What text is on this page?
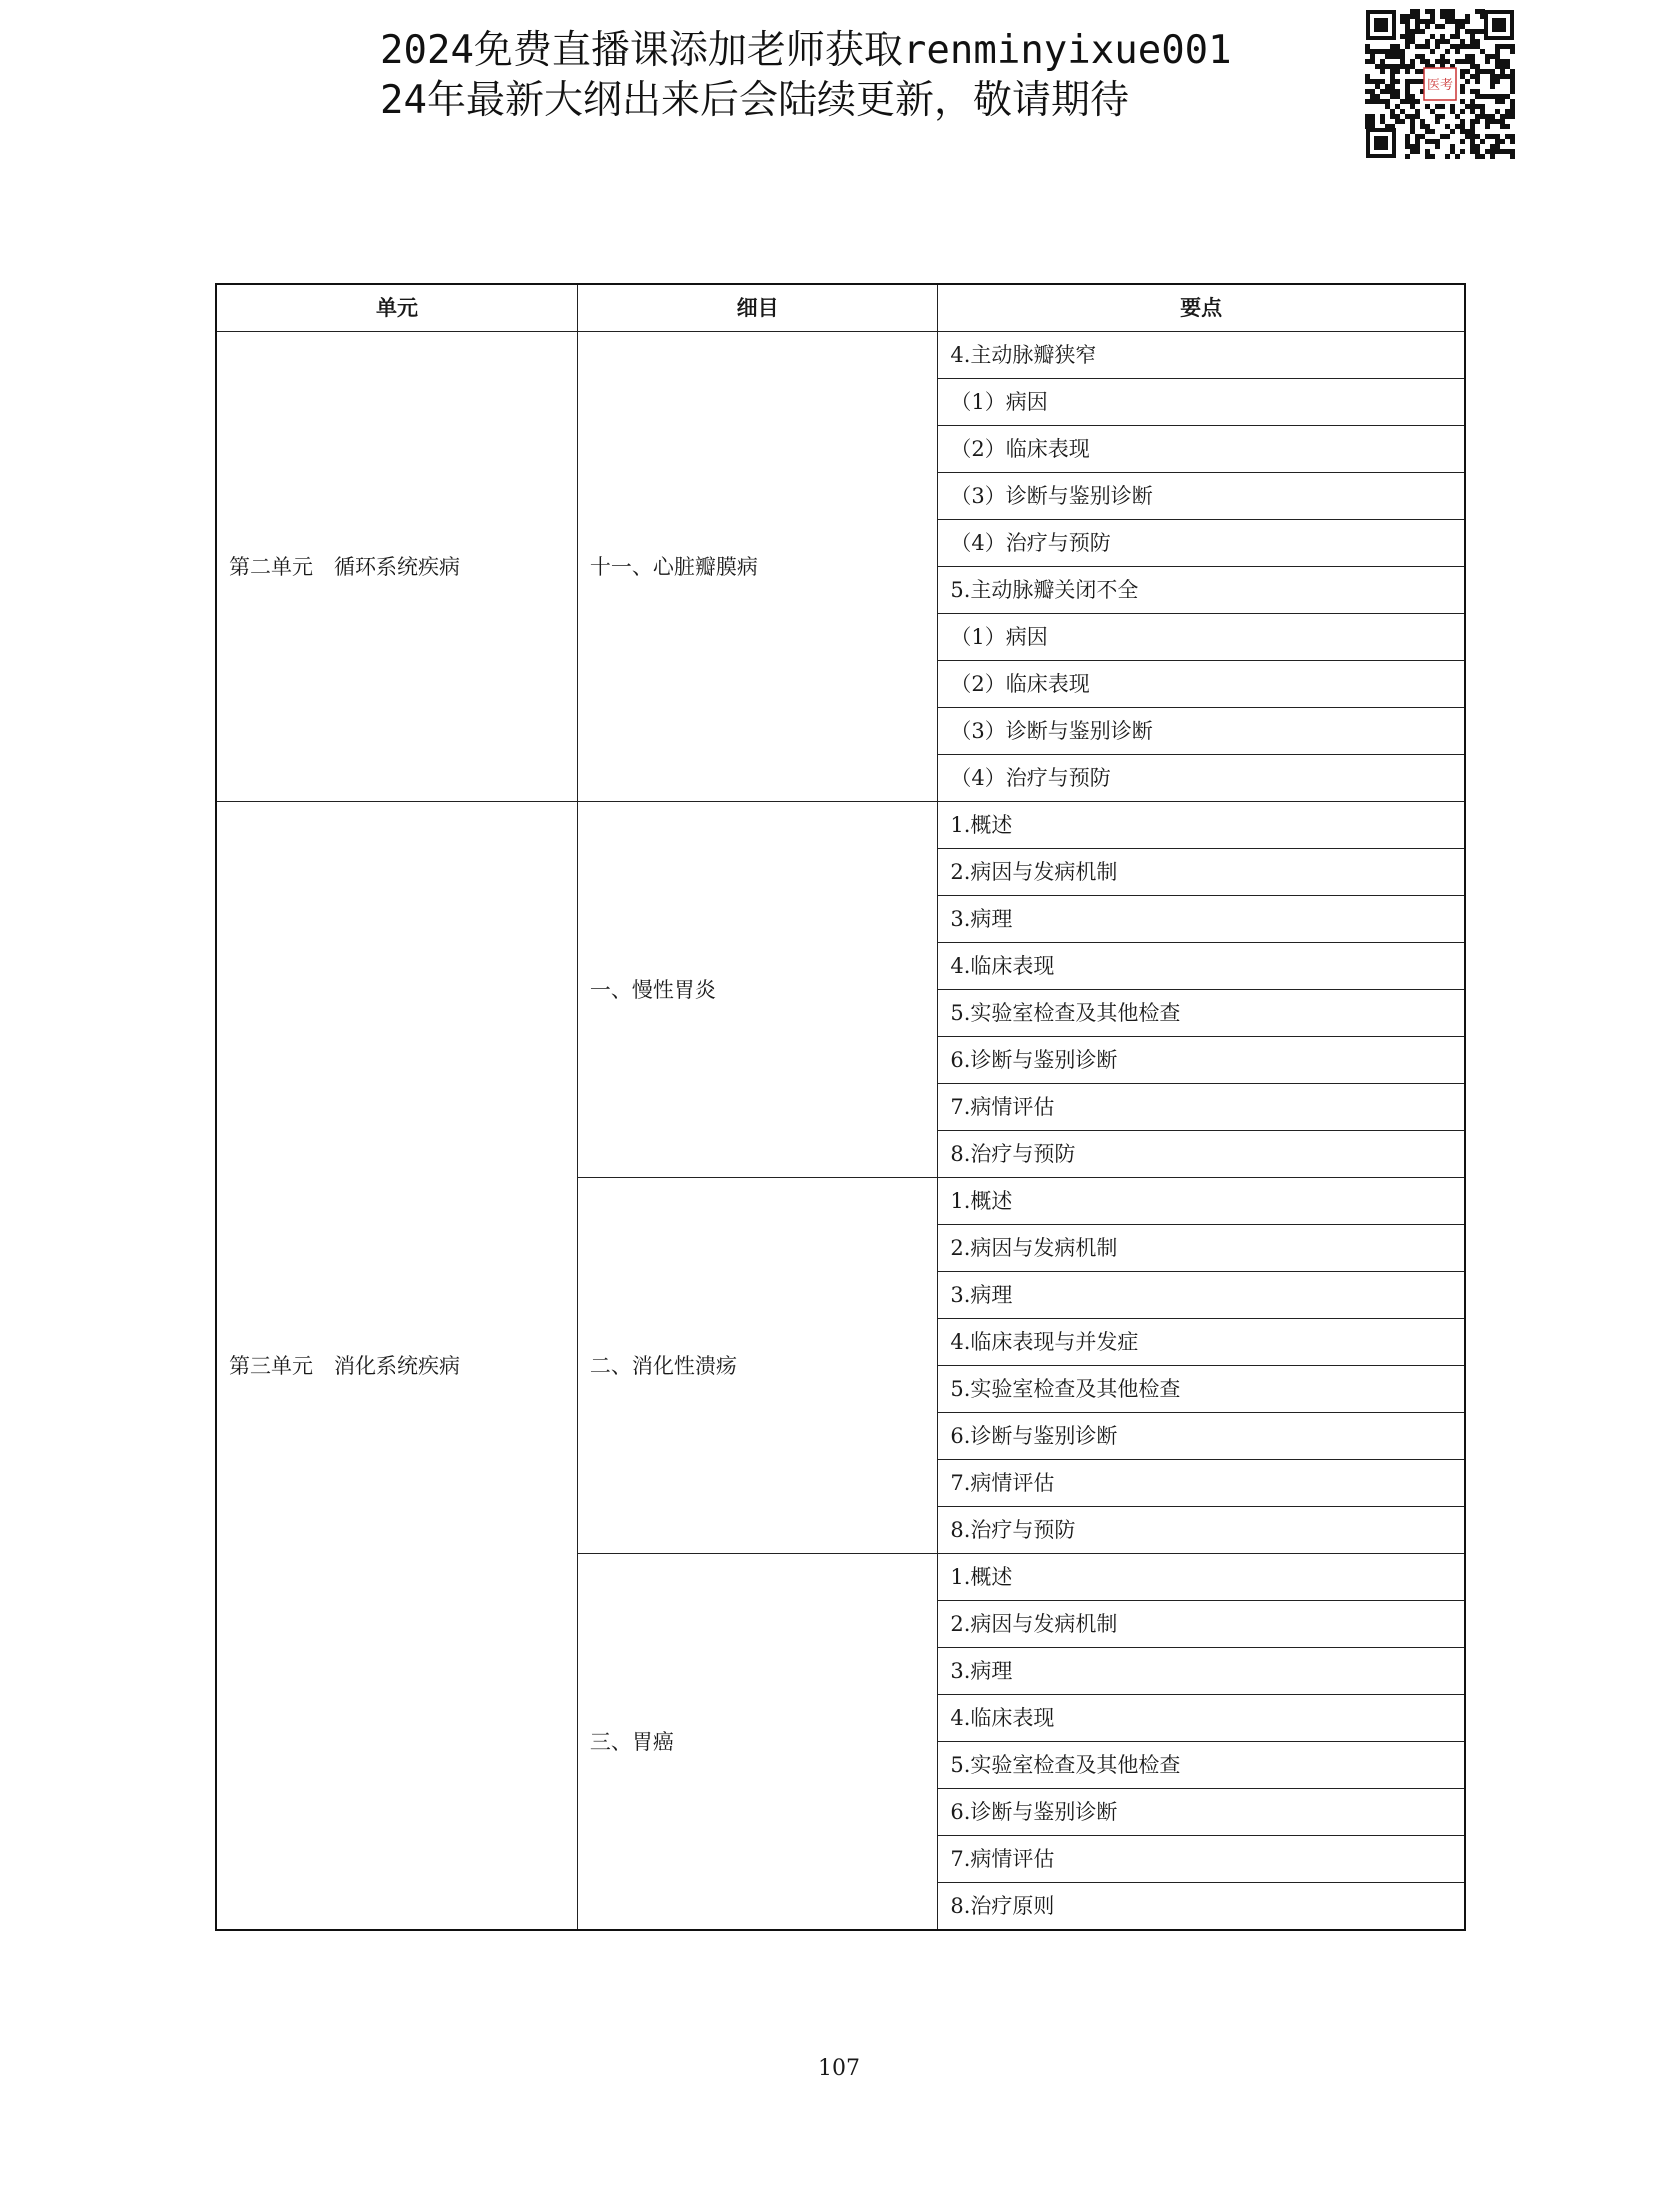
2024免费直播课添加老师获取renminyixue001
24年最新大纲出来后会陆续更新，敬请期待	医考
单元	细目	要点
第二单元　循环系统疾病	十一、心脏瓣膜病	4.主动脉瓣狭窄
		（1）病因
		（2）临床表现
		（3）诊断与鉴别诊断
		（4）治疗与预防
		5.主动脉瓣关闭不全
		（1）病因
		（2）临床表现
		（3）诊断与鉴别诊断
		（4）治疗与预防
第三单元　消化系统疾病	一、慢性胃炎	1.概述
		2.病因与发病机制
		3.病理
		4.临床表现
		5.实验室检查及其他检查
		6.诊断与鉴别诊断
		7.病情评估
		8.治疗与预防
	二、消化性溃疡	1.概述
		2.病因与发病机制
		3.病理
		4.临床表现与并发症
		5.实验室检查及其他检查
		6.诊断与鉴别诊断
		7.病情评估
		8.治疗与预防
	三、胃癌	1.概述
		2.病因与发病机制
		3.病理
		4.临床表现
		5.实验室检查及其他检查
		6.诊断与鉴别诊断
		7.病情评估
		8.治疗原则
107
